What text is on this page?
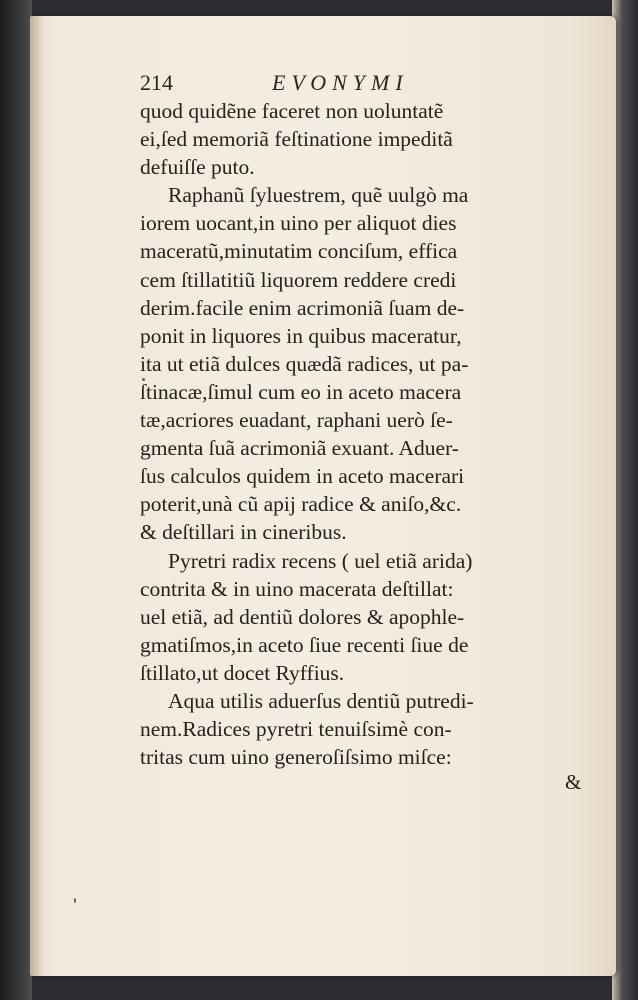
214	EVONYMI
quod quidẽne faceret non uoluntatẽ
ei,ſed memoriã feſtinatione impeditã
defuiſſe puto.
Raphanũ ſyluestrem, quẽ uulgò ma
iorem uocant,in uino per aliquot dies
maceratũ,minutatim conciſum, effica
cem ſtillatitiũ liquorem reddere credi
derim.facile enim acrimoniã ſuam de-
ponit in liquores in quibus maceratur,
ita ut etiã dulces quædã radices, ut pa-
ſtinacæ,ſimul cum eo in aceto macera
tæ,acriores euadant, raphani uerò ſe-
gmenta ſuã acrimoniã exuant. Aduer-
ſus calculos quidem in aceto macerari
poterit,unà cũ apij radice & aniſo,&c.
& deſtillari in cineribus.
Pyretri radix recens ( uel etiã arida)
contrita & in uino macerata deſtillat:
uel etiã, ad dentiũ dolores & apophle-
gmatiſmos,in aceto ſiue recenti ſiue de
ſtillato,ut docet Ryffius.
Aqua utilis aduerſus dentiũ putredi-
nem.Radices pyretri tenuiſsimè con-
tritas cum uino generoſiſsimo miſce:
&
